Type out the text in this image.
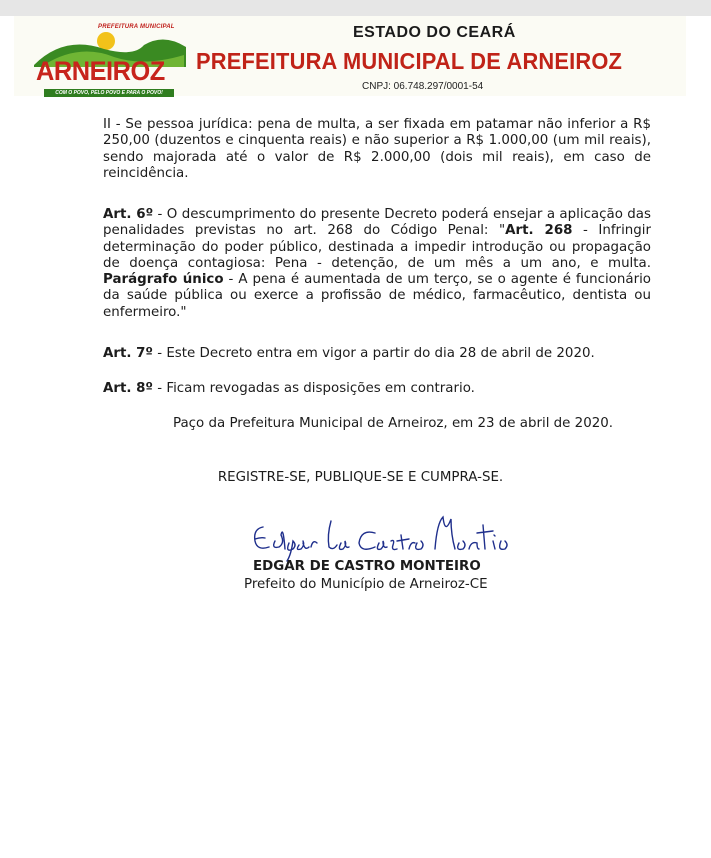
PREFEITURA MUNICIPAL
ARNEIROZ
COM O POVO, PELO POVO E PARA O POVO!
ESTADO DO CEARÁ
PREFEITURA MUNICIPAL DE ARNEIROZ
CNPJ: 06.748.297/0001-54
II - Se pessoa jurídica: pena de multa, a ser fixada em patamar não inferior a R$ 250,00 (duzentos e cinquenta reais) e não superior a R$ 1.000,00 (um mil reais), sendo majorada até o valor de R$ 2.000,00 (dois mil reais), em caso de reincidência.
Art. 6º - O descumprimento do presente Decreto poderá ensejar a aplicação das penalidades previstas no art. 268 do Código Penal: "Art. 268 - Infringir determinação do poder público, destinada a impedir introdução ou propagação de doença contagiosa: Pena - detenção, de um mês a um ano, e multa. Parágrafo único - A pena é aumentada de um terço, se o agente é funcionário da saúde pública ou exerce a profissão de médico, farmacêutico, dentista ou enfermeiro."
Art. 7º - Este Decreto entra em vigor a partir do dia 28 de abril de 2020.
Art. 8º - Ficam revogadas as disposições em contrario.
Paço da Prefeitura Municipal de Arneiroz, em 23 de abril de 2020.
REGISTRE-SE, PUBLIQUE-SE E CUMPRA-SE.
EDGAR DE CASTRO MONTEIRO
Prefeito do Município de Arneiroz-CE
